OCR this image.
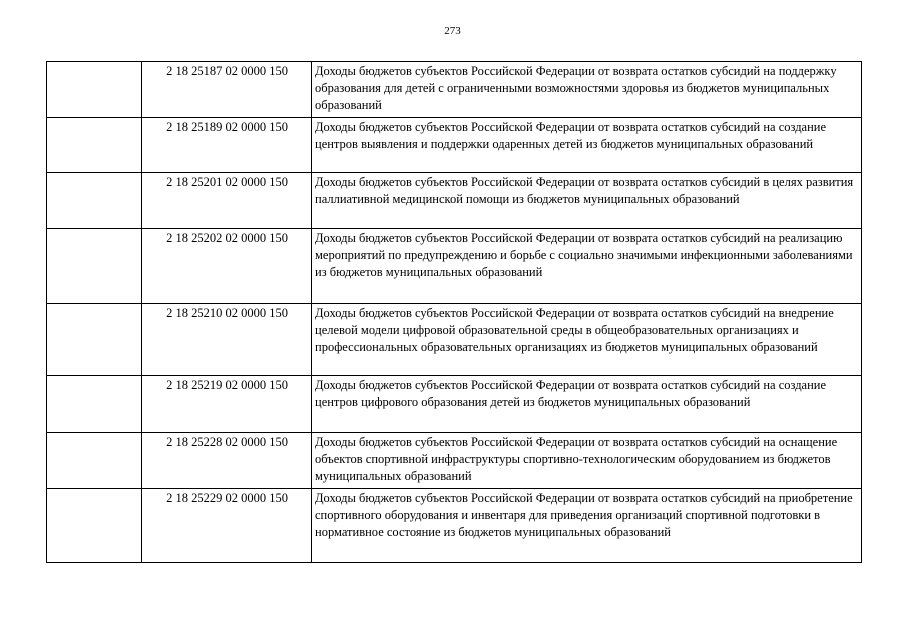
273
	2 18 25187 02 0000 150	Доходы бюджетов субъектов Российской Федерации от возврата остатков субсидий на поддержку образования для детей с ограниченными возможностями здоровья из бюджетов муниципальных образований
	2 18 25189 02 0000 150	Доходы бюджетов субъектов Российской Федерации от возврата остатков субсидий на создание центров выявления и поддержки одаренных детей из бюджетов муниципальных образований
	2 18 25201 02 0000 150	Доходы бюджетов субъектов Российской Федерации от возврата остатков субсидий в целях развития паллиативной медицинской помощи из бюджетов муниципальных образований
	2 18 25202 02 0000 150	Доходы бюджетов субъектов Российской Федерации от возврата остатков субсидий на реализацию мероприятий по предупреждению и борьбе с социально значимыми инфекционными заболеваниями из бюджетов муниципальных образований
	2 18 25210 02 0000 150	Доходы бюджетов субъектов Российской Федерации от возврата остатков субсидий на внедрение целевой модели цифровой образовательной среды в общеобразовательных организациях и профессиональных образовательных организациях из бюджетов муниципальных образований
	2 18 25219 02 0000 150	Доходы бюджетов субъектов Российской Федерации от возврата остатков субсидий на создание центров цифрового образования детей из бюджетов муниципальных образований
	2 18 25228 02 0000 150	Доходы бюджетов субъектов Российской Федерации от возврата остатков субсидий на оснащение объектов спортивной инфраструктуры спортивно-технологическим оборудованием из бюджетов муниципальных образований
	2 18 25229 02 0000 150	Доходы бюджетов субъектов Российской Федерации от возврата остатков субсидий на приобретение спортивного оборудования и инвентаря для приведения организаций спортивной подготовки в нормативное состояние из бюджетов муниципальных образований
